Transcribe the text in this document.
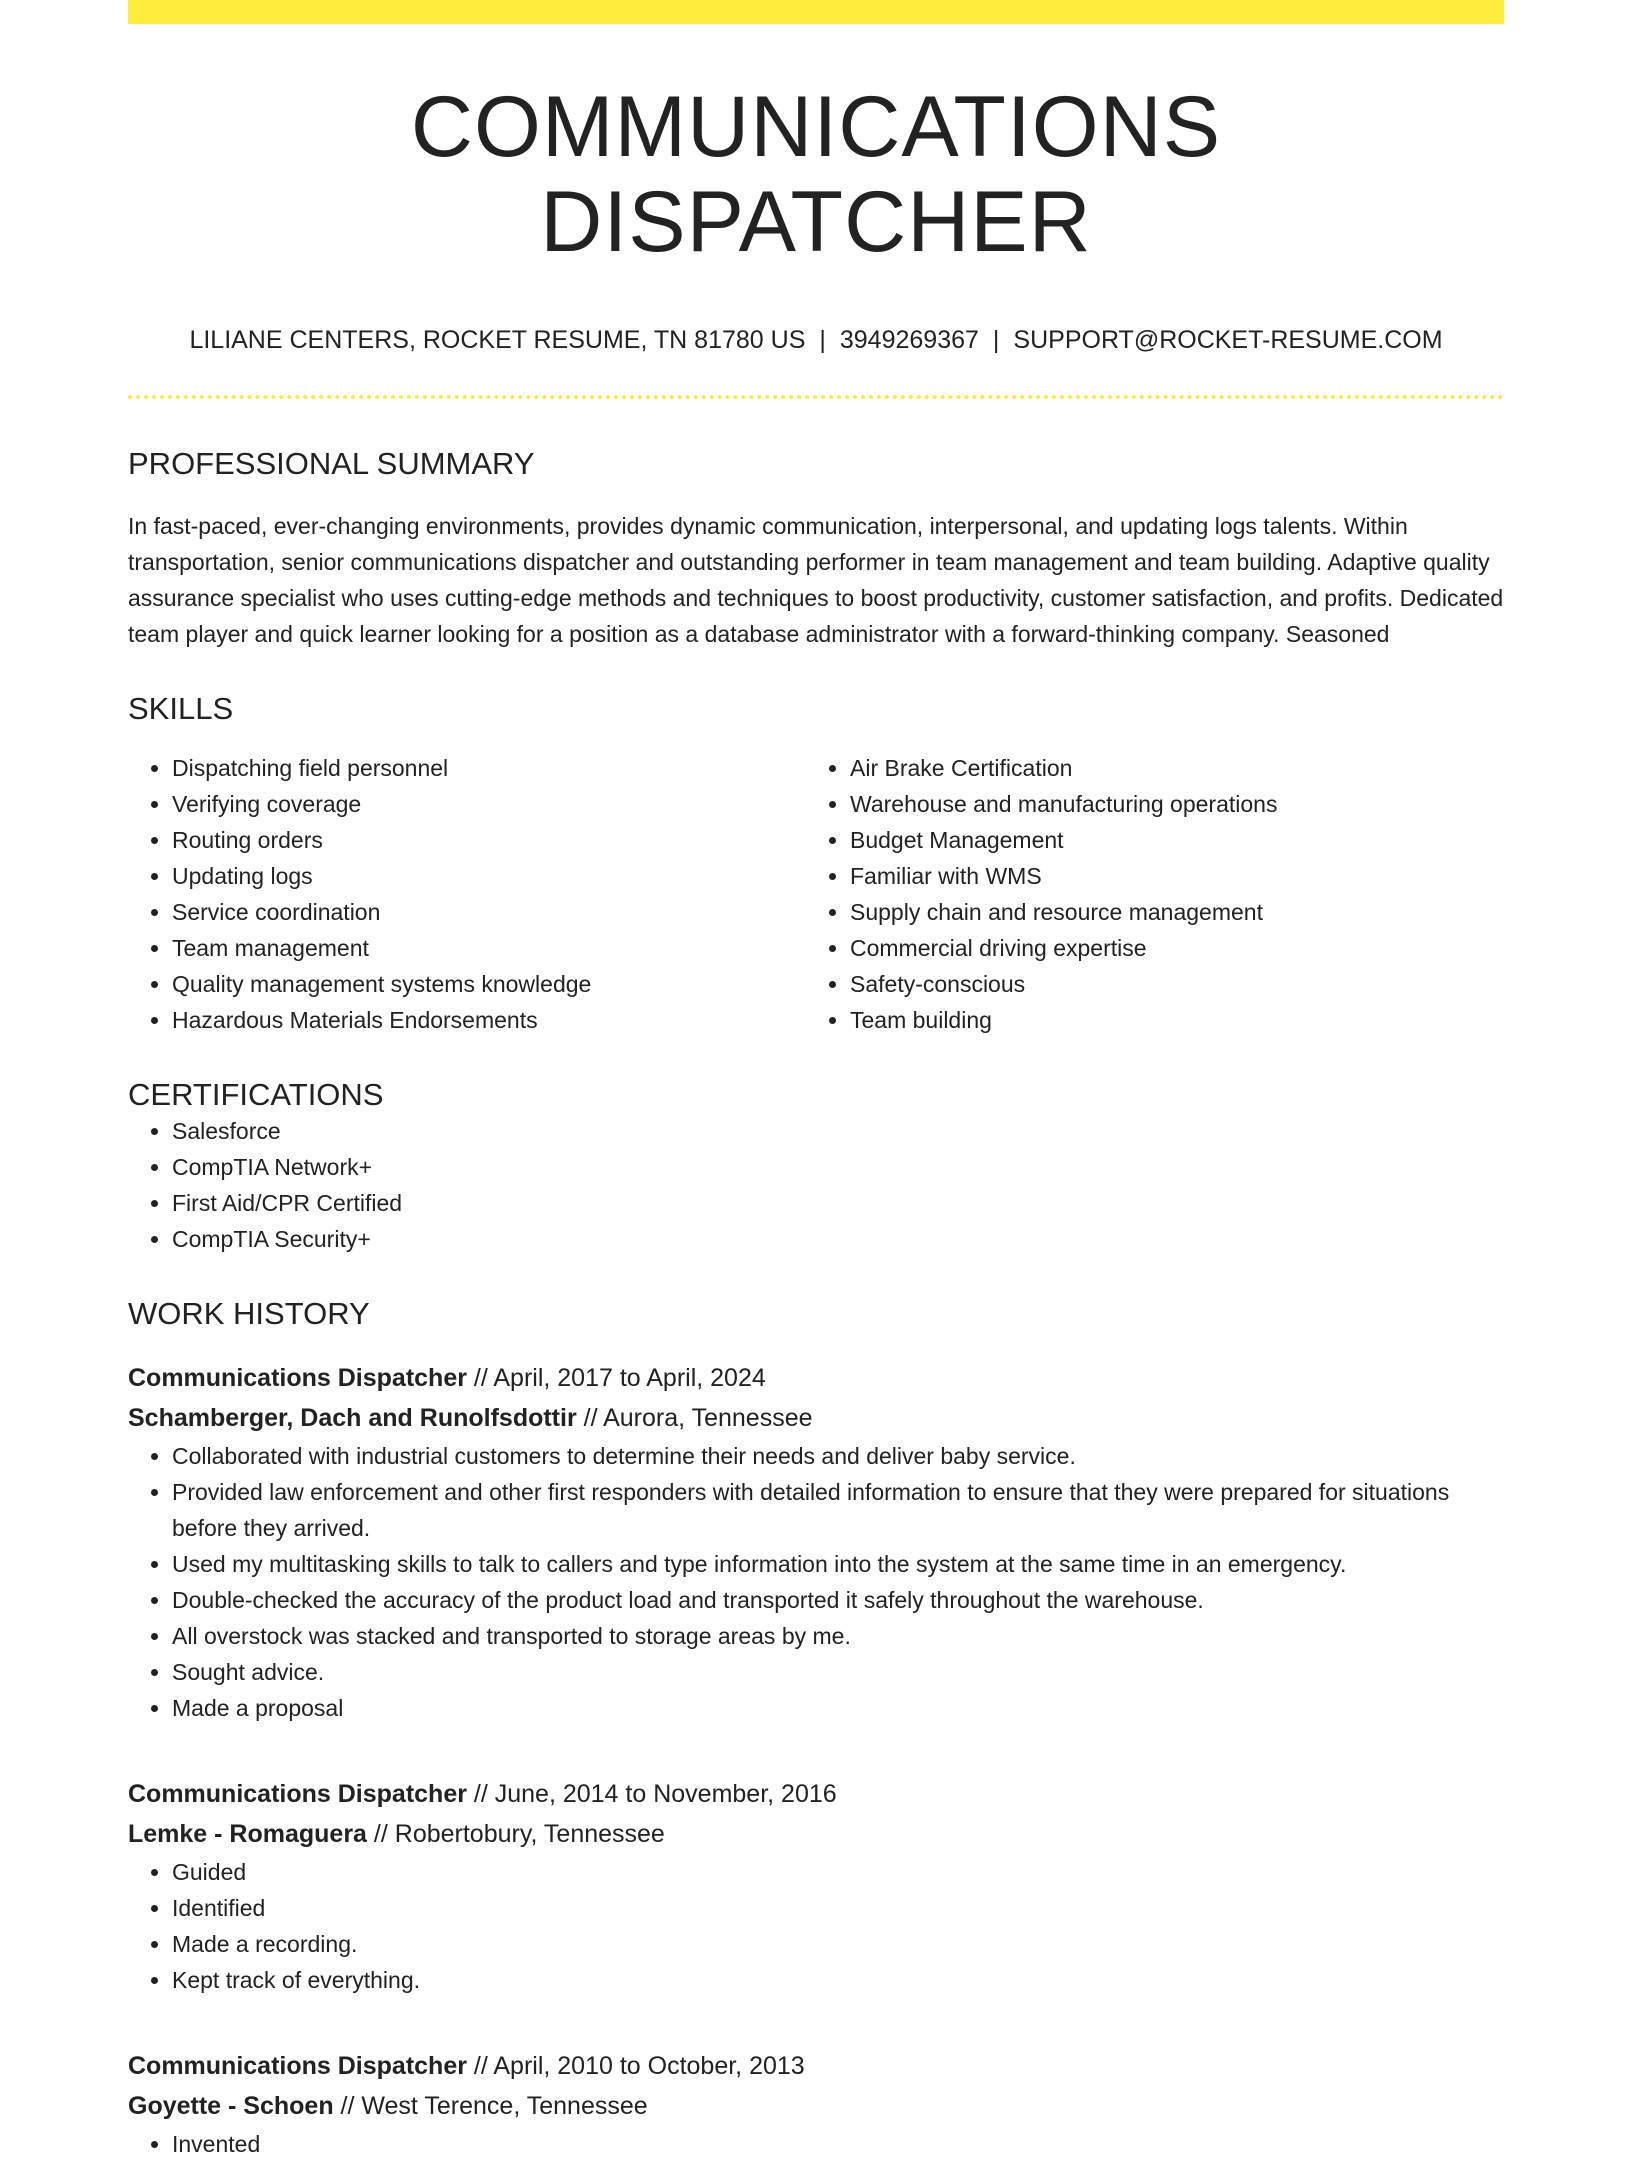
COMMUNICATIONS DISPATCHER
LILIANE CENTERS, ROCKET RESUME, TN 81780 US | 3949269367 | SUPPORT@ROCKET-RESUME.COM
PROFESSIONAL SUMMARY

In fast-paced, ever-changing environments, provides dynamic communication, interpersonal, and updating logs talents. Within transportation, senior communications dispatcher and outstanding performer in team management and team building. Adaptive quality assurance specialist who uses cutting-edge methods and techniques to boost productivity, customer satisfaction, and profits. Dedicated team player and quick learner looking for a position as a database administrator with a forward-thinking company. Seasoned

SKILLS
• Dispatching field personnel
• Verifying coverage
• Routing orders
• Updating logs
• Service coordination
• Team management
• Quality management systems knowledge
• Hazardous Materials Endorsements
• Air Brake Certification
• Warehouse and manufacturing operations
• Budget Management
• Familiar with WMS
• Supply chain and resource management
• Commercial driving expertise
• Safety-conscious
• Team building
CERTIFICATIONS
• Salesforce
• CompTIA Network+
• First Aid/CPR Certified
• CompTIA Security+
WORK HISTORY
Communications Dispatcher // April, 2017 to April, 2024
Schamberger, Dach and Runolfsdottir // Aurora, Tennessee
• Collaborated with industrial customers to determine their needs and deliver baby service.
• Provided law enforcement and other first responders with detailed information to ensure that they were prepared for situations before they arrived.
• Used my multitasking skills to talk to callers and type information into the system at the same time in an emergency.
• Double-checked the accuracy of the product load and transported it safely throughout the warehouse.
• All overstock was stacked and transported to storage areas by me.
• Sought advice.
• Made a proposal
Communications Dispatcher // June, 2014 to November, 2016
Lemke - Romaguera // Robertobury, Tennessee
• Guided
• Identified
• Made a recording.
• Kept track of everything.
Communications Dispatcher // April, 2010 to October, 2013
Goyette - Schoen // West Terence, Tennessee
• Invented
